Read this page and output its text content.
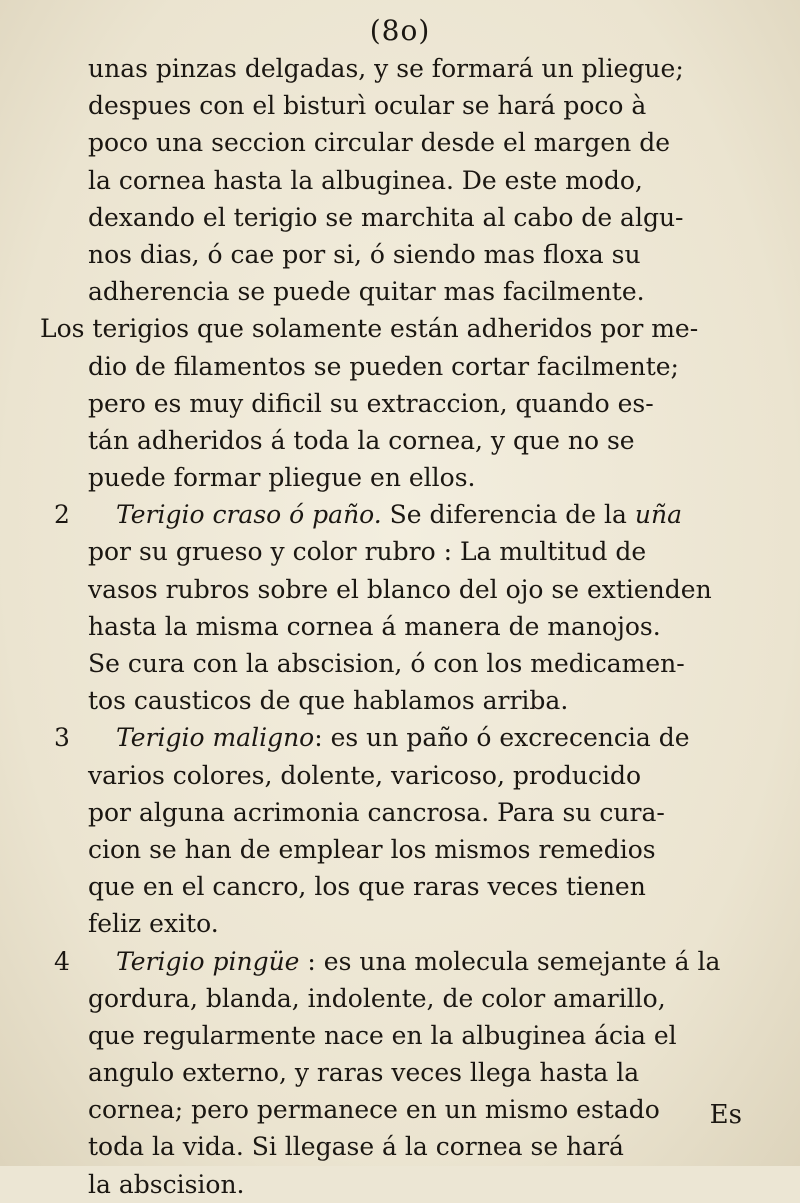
(8o)
unas pinzas delgadas, y se formará un pliegue;
despues con el bisturì ocular se hará poco à
poco una seccion circular desde el margen de
la cornea hasta la albuginea. De este modo,
dexando el terigio se marchita al cabo de algu-
nos dias, ó cae por si, ó siendo mas floxa su
adherencia se puede quitar mas facilmente.
Los terigios que solamente están adheridos por me-
dio de filamentos se pueden cortar facilmente;
pero es muy dificil su extraccion, quando es-
tán adheridos á toda la cornea, y que no se
puede formar pliegue en ellos.
2 Terigio craso ó paño. Se diferencia de la uña
por su grueso y color rubro : La multitud de
vasos rubros sobre el blanco del ojo se extienden
hasta la misma cornea á manera de manojos.
Se cura con la abscision, ó con los medicamen-
tos causticos de que hablamos arriba.
3 Terigio maligno: es un paño ó excrecencia de
varios colores, dolente, varicoso, producido
por alguna acrimonia cancrosa. Para su cura-
cion se han de emplear los mismos remedios
que en el cancro, los que raras veces tienen
feliz exito.
4 Terigio pingüe : es una molecula semejante á la
gordura, blanda, indolente, de color amarillo,
que regularmente nace en la albuginea ácia el
angulo externo, y raras veces llega hasta la
cornea; pero permanece en un mismo estado
toda la vida. Si llegase á la cornea se hará
la abscision.
Es
